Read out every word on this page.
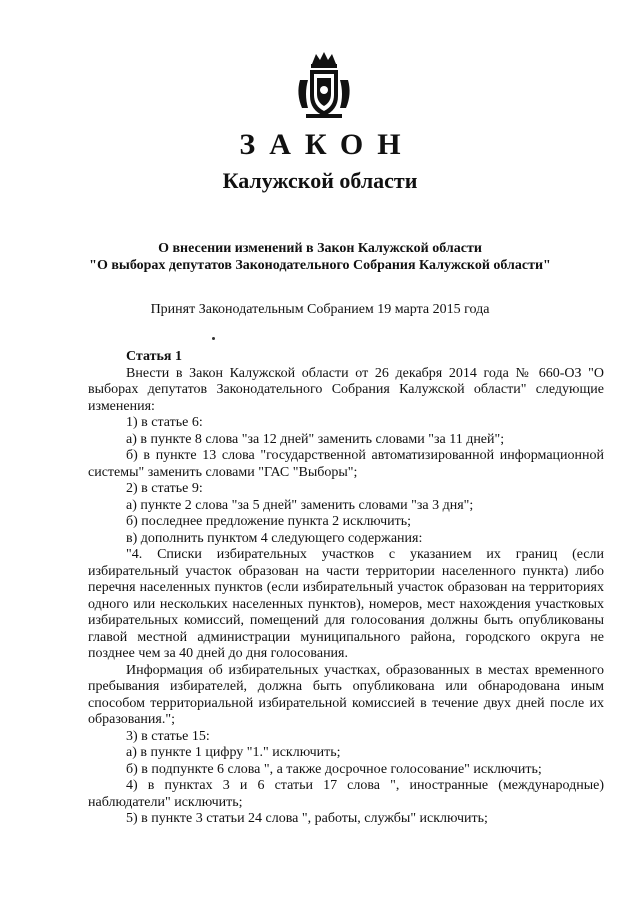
ЗАКОН
Калужской области
О внесении изменений в Закон Калужской области
"О выборах депутатов Законодательного Собрания Калужской области"
Принят Законодательным Собранием 19 марта 2015 года

Статья 1

Внести в Закон Калужской области от 26 декабря 2014 года № 660-ОЗ "О выборах депутатов Законодательного Собрания Калужской области" следующие изменения:

1) в статье 6:

а) в пункте 8 слова "за 12 дней" заменить словами "за 11 дней";

б) в пункте 13 слова "государственной автоматизированной информационной системы" заменить словами "ГАС "Выборы";

2) в статье 9:

а) пункте 2 слова "за 5 дней" заменить словами "за 3 дня";

б) последнее предложение пункта 2 исключить;

в) дополнить пунктом 4 следующего содержания:

"4. Списки избирательных участков с указанием их границ (если избирательный участок образован на части территории населенного пункта) либо перечня населенных пунктов (если избирательный участок образован на территориях одного или нескольких населенных пунктов), номеров, мест нахождения участковых избирательных комиссий, помещений для голосования должны быть опубликованы главой местной администрации муниципального района, городского округа не позднее чем за 40 дней до дня голосования.

Информация об избирательных участках, образованных в местах временного пребывания избирателей, должна быть опубликована или обнародована иным способом территориальной избирательной комиссией в течение двух дней после их образования.";

3) в статье 15:

а) в пункте 1 цифру "1." исключить;

б) в подпункте 6 слова ", а также досрочное голосование" исключить;

4) в пунктах 3 и 6 статьи 17 слова ", иностранные (международные) наблюдатели" исключить;

5) в пункте 3 статьи 24 слова ", работы, службы" исключить;
